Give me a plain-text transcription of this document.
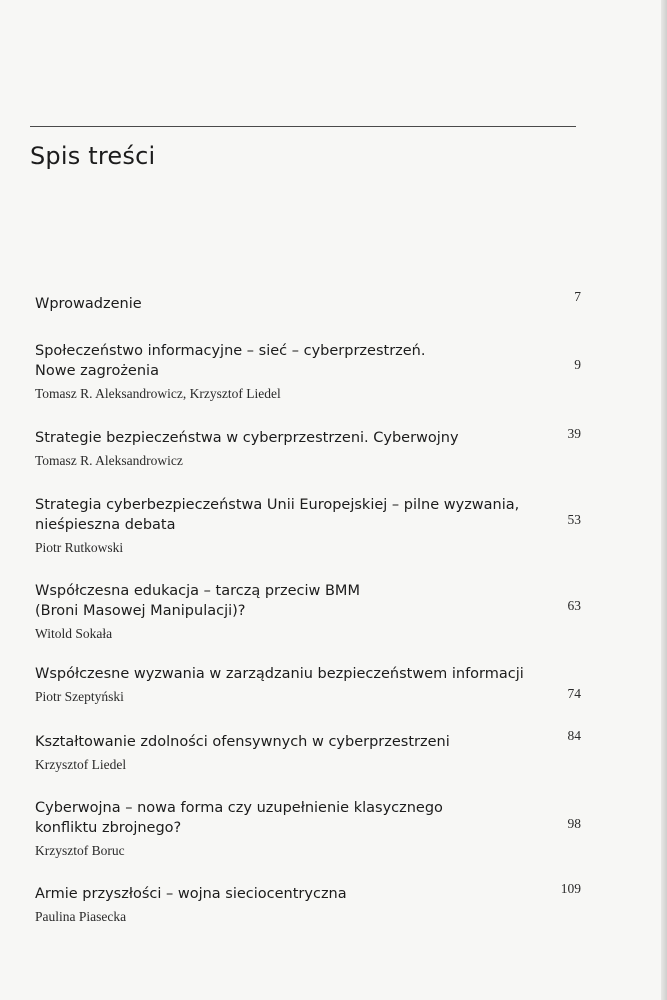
Spis treści
Wprowadzenie	7
Społeczeństwo informacyjne – sieć – cyberprzestrzeń.
Nowe zagrożenia
Tomasz R. Aleksandrowicz, Krzysztof Liedel
9
Strategie bezpieczeństwa w cyberprzestrzeni. Cyberwojny
Tomasz R. Aleksandrowicz
39
Strategia cyberbezpieczeństwa Unii Europejskiej – pilne wyzwania,
nieśpieszna debata
Piotr Rutkowski
53
Współczesna edukacja – tarczą przeciw BMM
(Broni Masowej Manipulacji)?
Witold Sokała
63
Współczesne wyzwania w zarządzaniu bezpieczeństwem informacji
Piotr Szeptyński	74
Kształtowanie zdolności ofensywnych w cyberprzestrzeni
Krzysztof Liedel
84
Cyberwojna – nowa forma czy uzupełnienie klasycznego
konfliktu zbrojnego?
Krzysztof Boruc
98
Armie przyszłości – wojna sieciocentryczna
Paulina Piasecka
109
